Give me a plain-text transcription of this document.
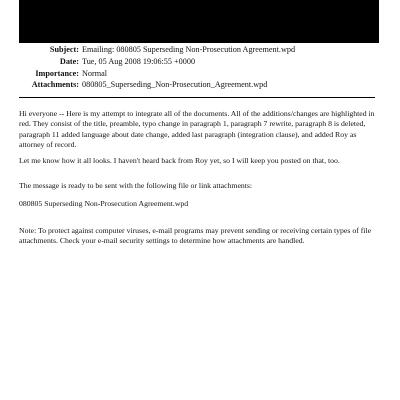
Subject: Emailing: 080805 Superseding Non-Prosecution Agreement.wpd
Date: Tue, 05 Aug 2008 19:06:55 +0000
Importance: Normal
Attachments: 080805_Superseding_Non-Prosecution_Agreement.wpd

Hi everyone -- Here is my attempt to integrate all of the documents. All of the additions/changes are highlighted in red. They consist of the title, preamble, typo change in paragraph 1, paragraph 7 rewrite, paragraph 8 is deleted, paragraph 11 added language about date change, added last paragraph (integration clause), and added Roy as attorney of record.

Let me know how it all looks. I haven't heard back from Roy yet, so I will keep you posted on that, too.

The message is ready to be sent with the following file or link attachments:

080805 Superseding Non-Prosecution Agreement.wpd

Note: To protect against computer viruses, e-mail programs may prevent sending or receiving certain types of file attachments. Check your e-mail security settings to determine how attachments are handled.
